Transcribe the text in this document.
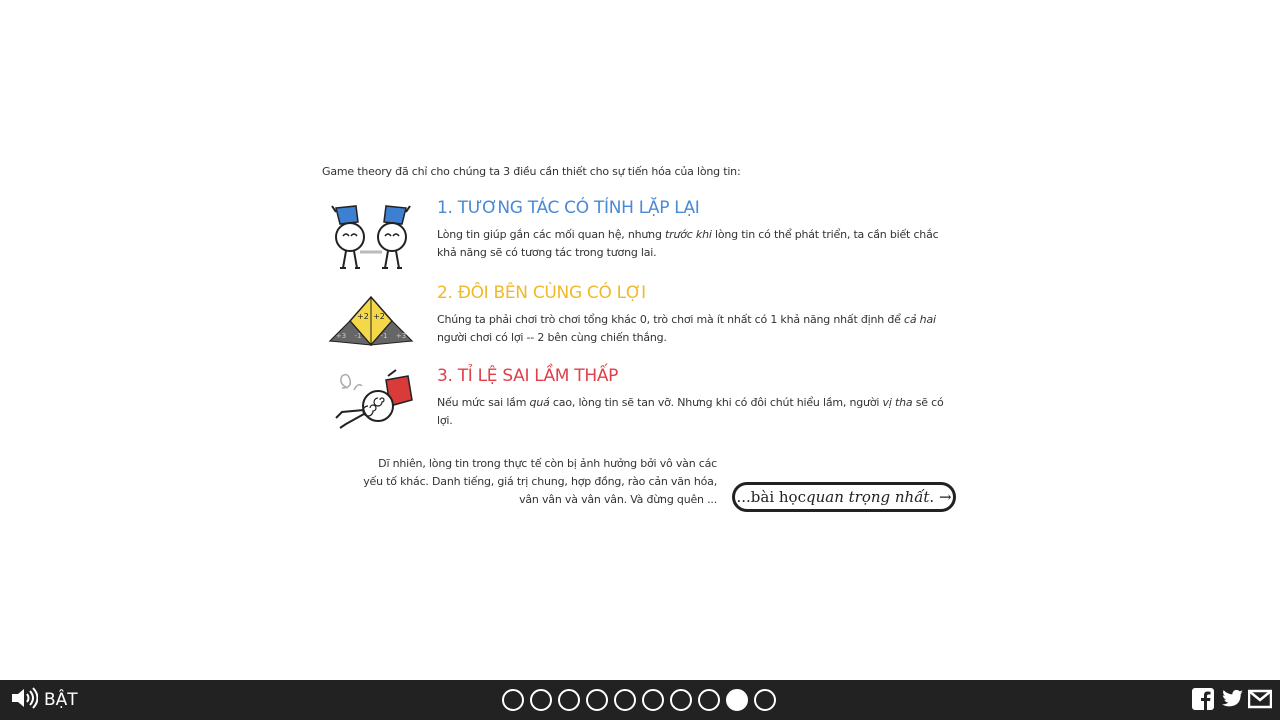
Game theory đã chỉ cho chúng ta 3 điều cần thiết cho sự tiến hóa của lòng tin:
1. TƯƠNG TÁC CÓ TÍNH LẶP LẠI
Lòng tin giúp gắn các mối quan hệ, nhưng trước khi lòng tin có thể phát triển, ta cần biết chắc khả năng sẽ có tương tác trong tương lai.
+2 +2
+3 -1	-1 +3
2. ĐÔI BÊN CÙNG CÓ LỢI
Chúng ta phải chơi trò chơi tổng khác 0, trò chơi mà ít nhất có 1 khả năng nhất định để cả hai người chơi có lợi -- 2 bên cùng chiến thắng.
3. TỈ LỆ SAI LẦM THẤP
Nếu mức sai lầm quá cao, lòng tin sẽ tan vỡ. Nhưng khi có đôi chút hiểu lầm, người vị tha sẽ có lợi.
Dĩ nhiên, lòng tin trong thực tế còn bị ảnh hưởng bởi vô vàn các yếu tố khác. Danh tiếng, giá trị chung, hợp đồng, rào cản văn hóa, vân vân và vân vân. Và đừng quên ... ...bài học quan trọng nhất . →
BẬT
